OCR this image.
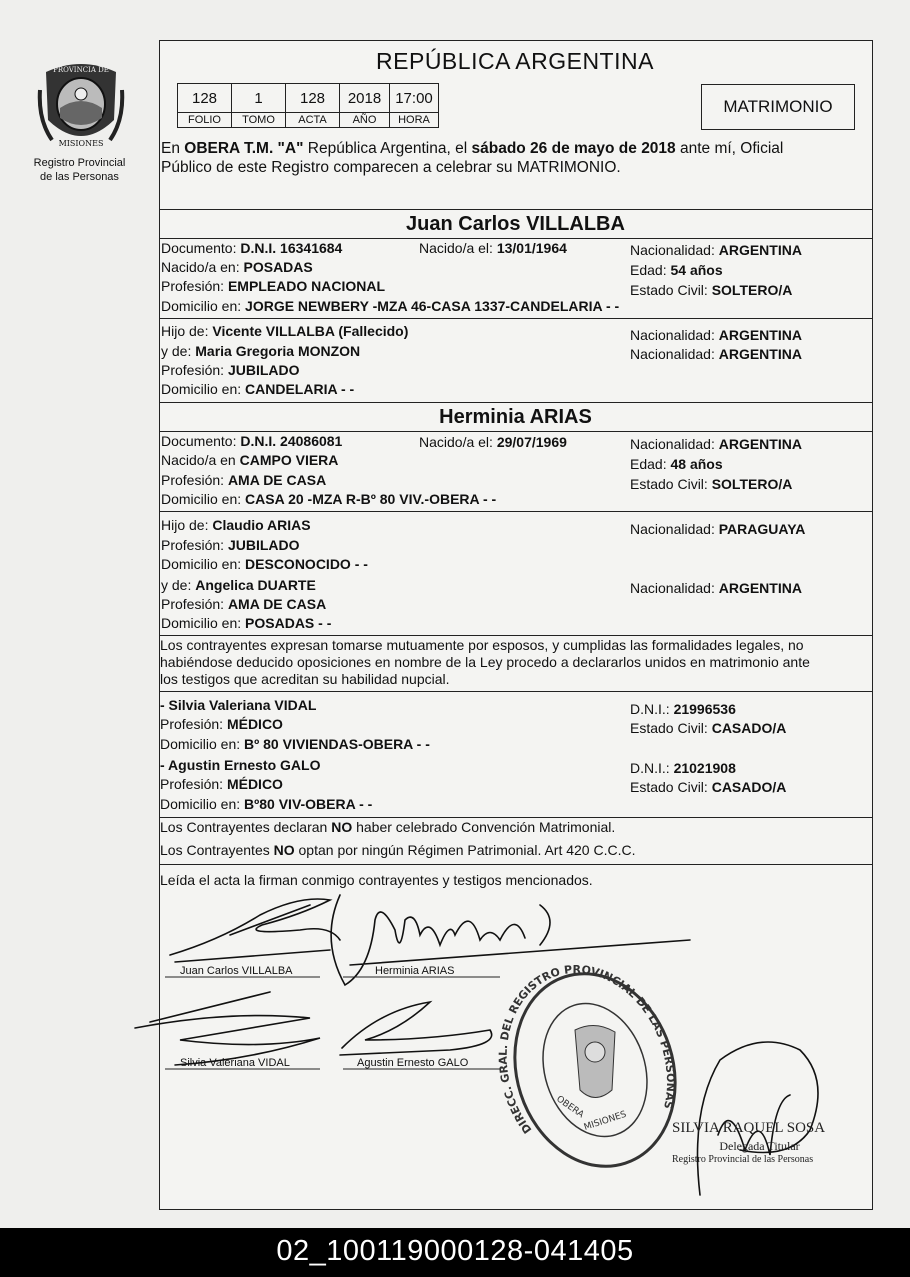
PROVINCIA DE
MISIONES
Registro Provincial
de las Personas
REPÚBLICA ARGENTINA
128	1	128	2018	17:00
FOLIO	TOMO	ACTA	AÑO	HORA
MATRIMONIO
En OBERA T.M. "A" República Argentina, el sábado 26 de mayo de 2018 ante mí, Oficial
Público de este Registro comparecen a celebrar su MATRIMONIO.
Juan Carlos VILLALBA
Documento: D.N.I. 16341684	Nacido/a el: 13/01/1964	Nacionalidad: ARGENTINA
Nacido/a en: POSADAS	Edad: 54 años
Profesión: EMPLEADO NACIONAL	Estado Civil: SOLTERO/A
Domicilio en: JORGE NEWBERY -MZA 46-CASA 1337-CANDELARIA - -
Hijo de: Vicente VILLALBA (Fallecido)	Nacionalidad: ARGENTINA
y de: Maria Gregoria MONZON	Nacionalidad: ARGENTINA
Profesión: JUBILADO
Domicilio en: CANDELARIA - -
Herminia ARIAS
Documento: D.N.I. 24086081	Nacido/a el: 29/07/1969	Nacionalidad: ARGENTINA
Nacido/a en CAMPO VIERA	Edad: 48 años
Profesión: AMA DE CASA	Estado Civil: SOLTERO/A
Domicilio en: CASA 20 -MZA R-Bº 80 VIV.-OBERA - -
Hijo de: Claudio ARIAS	Nacionalidad: PARAGUAYA
Profesión: JUBILADO
Domicilio en: DESCONOCIDO - -
y de: Angelica DUARTE	Nacionalidad: ARGENTINA
Profesión: AMA DE CASA
Domicilio en: POSADAS - -
Los contrayentes expresan tomarse mutuamente por esposos, y cumplidas las formalidades legales, no
habiéndose deducido oposiciones en nombre de la Ley procedo a declararlos unidos en matrimonio ante
los testigos que acreditan su habilidad nupcial.
- Silvia Valeriana VIDAL	D.N.I.: 21996536
Profesión: MÉDICO	Estado Civil: CASADO/A
Domicilio en: Bº 80 VIVIENDAS-OBERA - -
- Agustin Ernesto GALO	D.N.I.: 21021908
Profesión: MÉDICO	Estado Civil: CASADO/A
Domicilio en: Bº80 VIV-OBERA - -
Los Contrayentes declaran NO haber celebrado Convención Matrimonial.
Los Contrayentes NO optan por ningún Régimen Patrimonial. Art 420 C.C.C.
Leída el acta la firman conmigo contrayentes y testigos mencionados.
DIRECC. GRAL. DEL REGISTRO PROVINCIAL DE LAS PERSONAS
OBERA
MISIONES
Juan Carlos VILLALBA	Herminia ARIAS
Silvia Valeriana VIDAL	Agustin Ernesto GALO
SILVIA RAQUEL SOSA
Delegada Titular
Registro Provincial de las Personas
02_100119000128-041405
